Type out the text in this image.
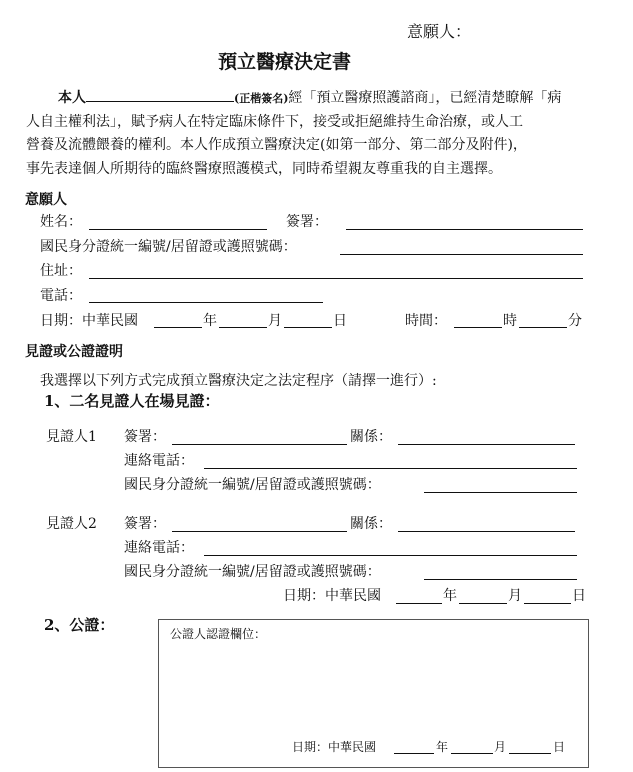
意願人：
預立醫療決定書
本人	(正楷簽名)經「預立醫療照護諮商」，已經清楚瞭解「病
人自主權利法」，賦予病人在特定臨床條件下，接受或拒絕維持生命治療，或人工
營養及流體餵養的權利。本人作成預立醫療決定(如第一部分、第二部分及附件)，
事先表達個人所期待的臨終醫療照護模式，同時希望親友尊重我的自主選擇。
意願人
姓名：	簽署：
國民身分證統一編號/居留證或護照號碼：
住址：
電話：
日期：中華民國	年	月	日	時間：	時	分
見證或公證證明
我選擇以下列方式完成預立醫療決定之法定程序（請擇一進行）:
1、二名見證人在場見證：
見證人1 簽署：	關係：
連絡電話：
國民身分證統一編號/居留證或護照號碼：
見證人2 簽署：	關係：
連絡電話：
國民身分證統一編號/居留證或護照號碼：
日期：中華民國	年	月	日
2、公證：	公證人認證欄位：
日期：中華民國	年	月	日
